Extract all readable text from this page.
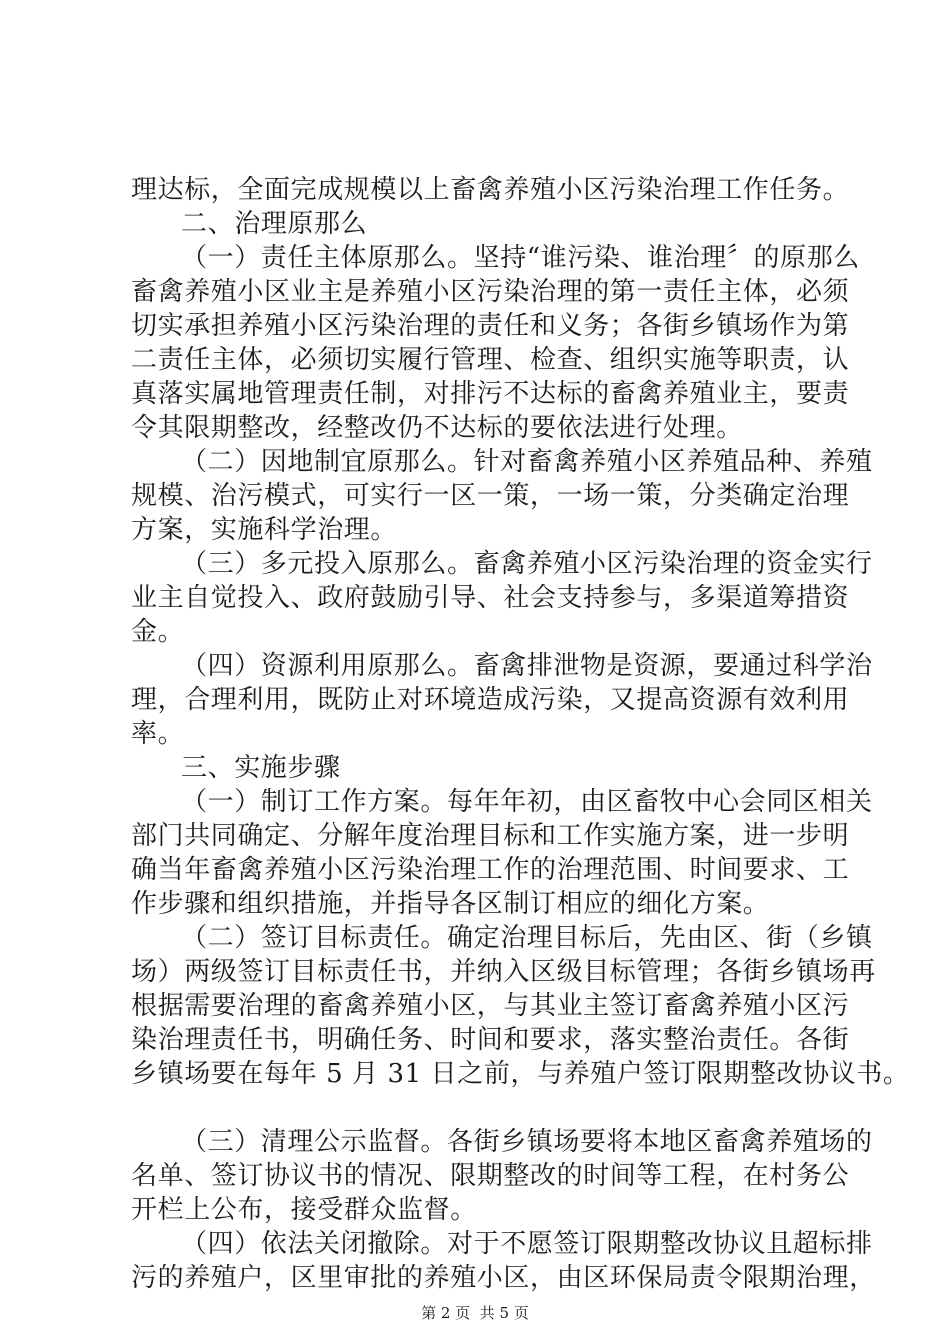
理达标，全面完成规模以上畜禽养殖小区污染治理工作任务。
二、治理原那么
（一）责任主体原那么。坚持“谁污染、谁治理〞的原那么
畜禽养殖小区业主是养殖小区污染治理的第一责任主体，必须
切实承担养殖小区污染治理的责任和义务；各街乡镇场作为第
二责任主体，必须切实履行管理、检查、组织实施等职责，认
真落实属地管理责任制，对排污不达标的畜禽养殖业主，要责
令其限期整改，经整改仍不达标的要依法进行处理。
（二）因地制宜原那么。针对畜禽养殖小区养殖品种、养殖
规模、治污模式，可实行一区一策，一场一策，分类确定治理
方案，实施科学治理。
（三）多元投入原那么。畜禽养殖小区污染治理的资金实行
业主自觉投入、政府鼓励引导、社会支持参与，多渠道筹措资
金。
（四）资源利用原那么。畜禽排泄物是资源，要通过科学治
理，合理利用，既防止对环境造成污染，又提高资源有效利用
率。
三、实施步骤
（一）制订工作方案。每年年初，由区畜牧中心会同区相关
部门共同确定、分解年度治理目标和工作实施方案，进一步明
确当年畜禽养殖小区污染治理工作的治理范围、时间要求、工
作步骤和组织措施，并指导各区制订相应的细化方案。
（二）签订目标责任。确定治理目标后，先由区、街（乡镇
场）两级签订目标责任书，并纳入区级目标管理；各街乡镇场再
根据需要治理的畜禽养殖小区，与其业主签订畜禽养殖小区污
染治理责任书，明确任务、时间和要求，落实整治责任。各街
乡镇场要在每年 5 月 31 日之前，与养殖户签订限期整改协议书。
（三）清理公示监督。各街乡镇场要将本地区畜禽养殖场的
名单、签订协议书的情况、限期整改的时间等工程，在村务公
开栏上公布，接受群众监督。
（四）依法关闭撤除。对于不愿签订限期整改协议且超标排
污的养殖户，区里审批的养殖小区，由区环保局责令限期治理，
第 2 页  共 5 页
